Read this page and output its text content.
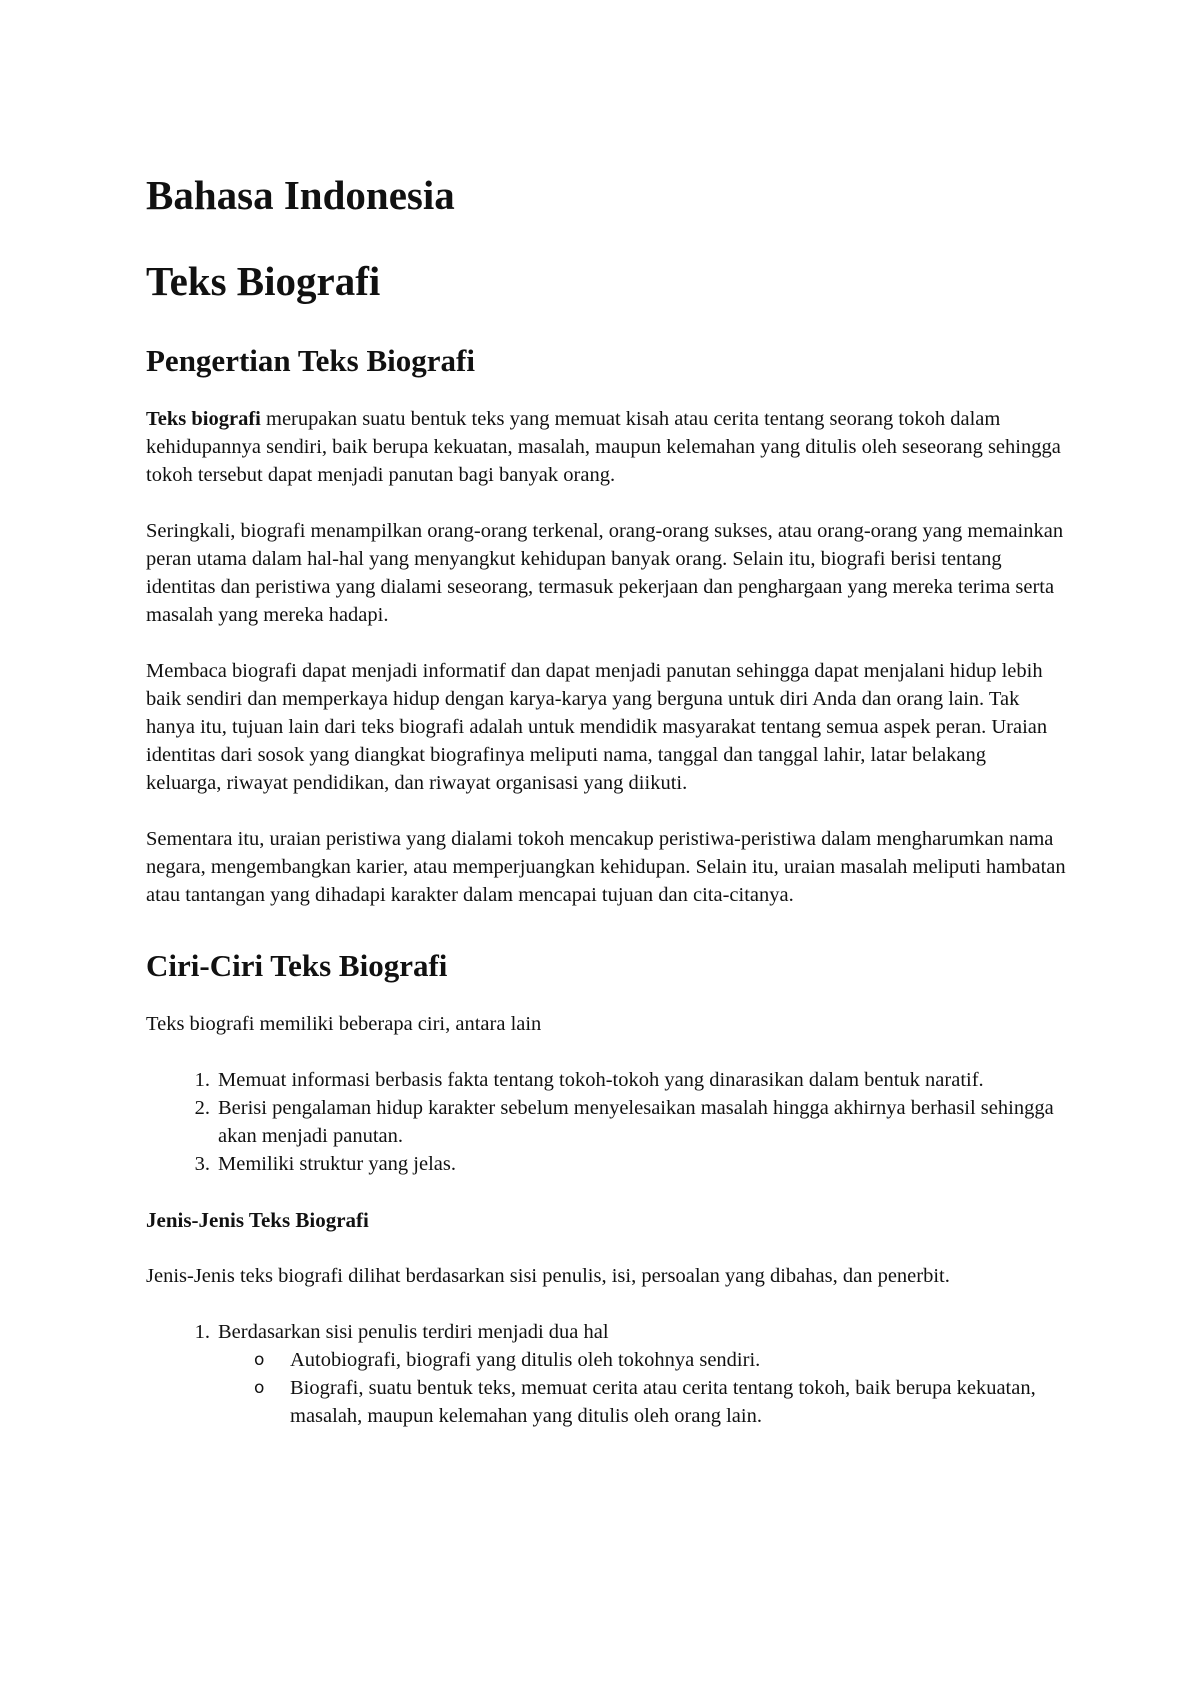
Bahasa Indonesia
Teks Biografi
Pengertian Teks Biografi

Teks biografi merupakan suatu bentuk teks yang memuat kisah atau cerita tentang seorang tokoh dalam kehidupannya sendiri, baik berupa kekuatan, masalah, maupun kelemahan yang ditulis oleh seseorang sehingga tokoh tersebut dapat menjadi panutan bagi banyak orang.

Seringkali, biografi menampilkan orang-orang terkenal, orang-orang sukses, atau orang-orang yang memainkan peran utama dalam hal-hal yang menyangkut kehidupan banyak orang. Selain itu, biografi berisi tentang identitas dan peristiwa yang dialami seseorang, termasuk pekerjaan dan penghargaan yang mereka terima serta masalah yang mereka hadapi.

Membaca biografi dapat menjadi informatif dan dapat menjadi panutan sehingga dapat menjalani hidup lebih baik sendiri dan memperkaya hidup dengan karya-karya yang berguna untuk diri Anda dan orang lain. Tak hanya itu, tujuan lain dari teks biografi adalah untuk mendidik masyarakat tentang semua aspek peran. Uraian identitas dari sosok yang diangkat biografinya meliputi nama, tanggal dan tanggal lahir, latar belakang keluarga, riwayat pendidikan, dan riwayat organisasi yang diikuti.

Sementara itu, uraian peristiwa yang dialami tokoh mencakup peristiwa-peristiwa dalam mengharumkan nama negara, mengembangkan karier, atau memperjuangkan kehidupan. Selain itu, uraian masalah meliputi hambatan atau tantangan yang dihadapi karakter dalam mencapai tujuan dan cita-citanya.

Ciri-Ciri Teks Biografi

Teks biografi memiliki beberapa ciri, antara lain

1. Memuat informasi berbasis fakta tentang tokoh-tokoh yang dinarasikan dalam bentuk naratif.
2. Berisi pengalaman hidup karakter sebelum menyelesaikan masalah hingga akhirnya berhasil sehingga akan menjadi panutan.
3. Memiliki struktur yang jelas.
Jenis-Jenis Teks Biografi

Jenis-Jenis teks biografi dilihat berdasarkan sisi penulis, isi, persoalan yang dibahas, dan penerbit.

1. Berdasarkan sisi penulis terdiri menjadi dua hal
o Autobiografi, biografi yang ditulis oleh tokohnya sendiri.
o Biografi, suatu bentuk teks, memuat cerita atau cerita tentang tokoh, baik berupa kekuatan, masalah, maupun kelemahan yang ditulis oleh orang lain.
